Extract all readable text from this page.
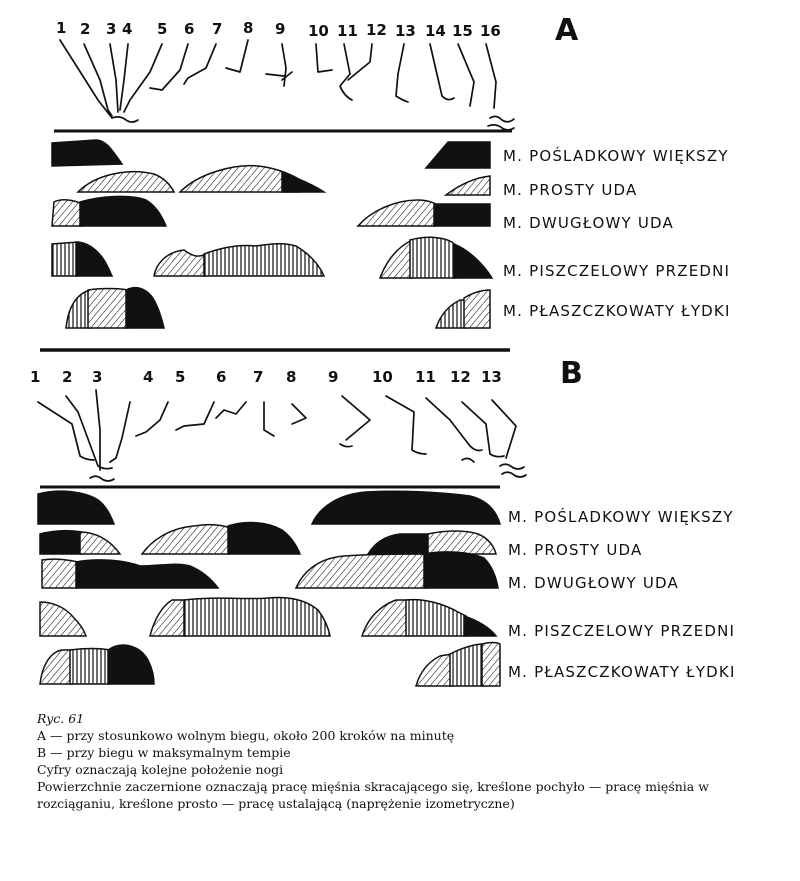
A
1 2 3 4 5 6 7 8 9 10 11 12 13 14 15 16
M. POŚLADKOWY WIĘKSZY
M. PROSTY UDA
M. DWUGŁOWY UDA
M. PISZCZELOWY PRZEDNI
M. PŁASZCZKOWATY ŁYDKI
B
1 2 3	4 5 6 7 8 9 10 11 12 13
M. POŚLADKOWY WIĘKSZY
M. PROSTY UDA
M. DWUGŁOWY UDA
M. PISZCZELOWY PRZEDNI
M. PŁASZCZKOWATY ŁYDKI
Ryc. 61
A — przy stosunkowo wolnym biegu, około 200 kroków na minutę
B — przy biegu w maksymalnym tempie
Cyfry oznaczają kolejne położenie nogi
Powierzchnie zaczernione oznaczają pracę mięśnia skracającego się, kreślone pochyło — pracę mięśnia w rozciąganiu, kreślone prosto — pracę ustalającą (naprężenie izometryczne)
